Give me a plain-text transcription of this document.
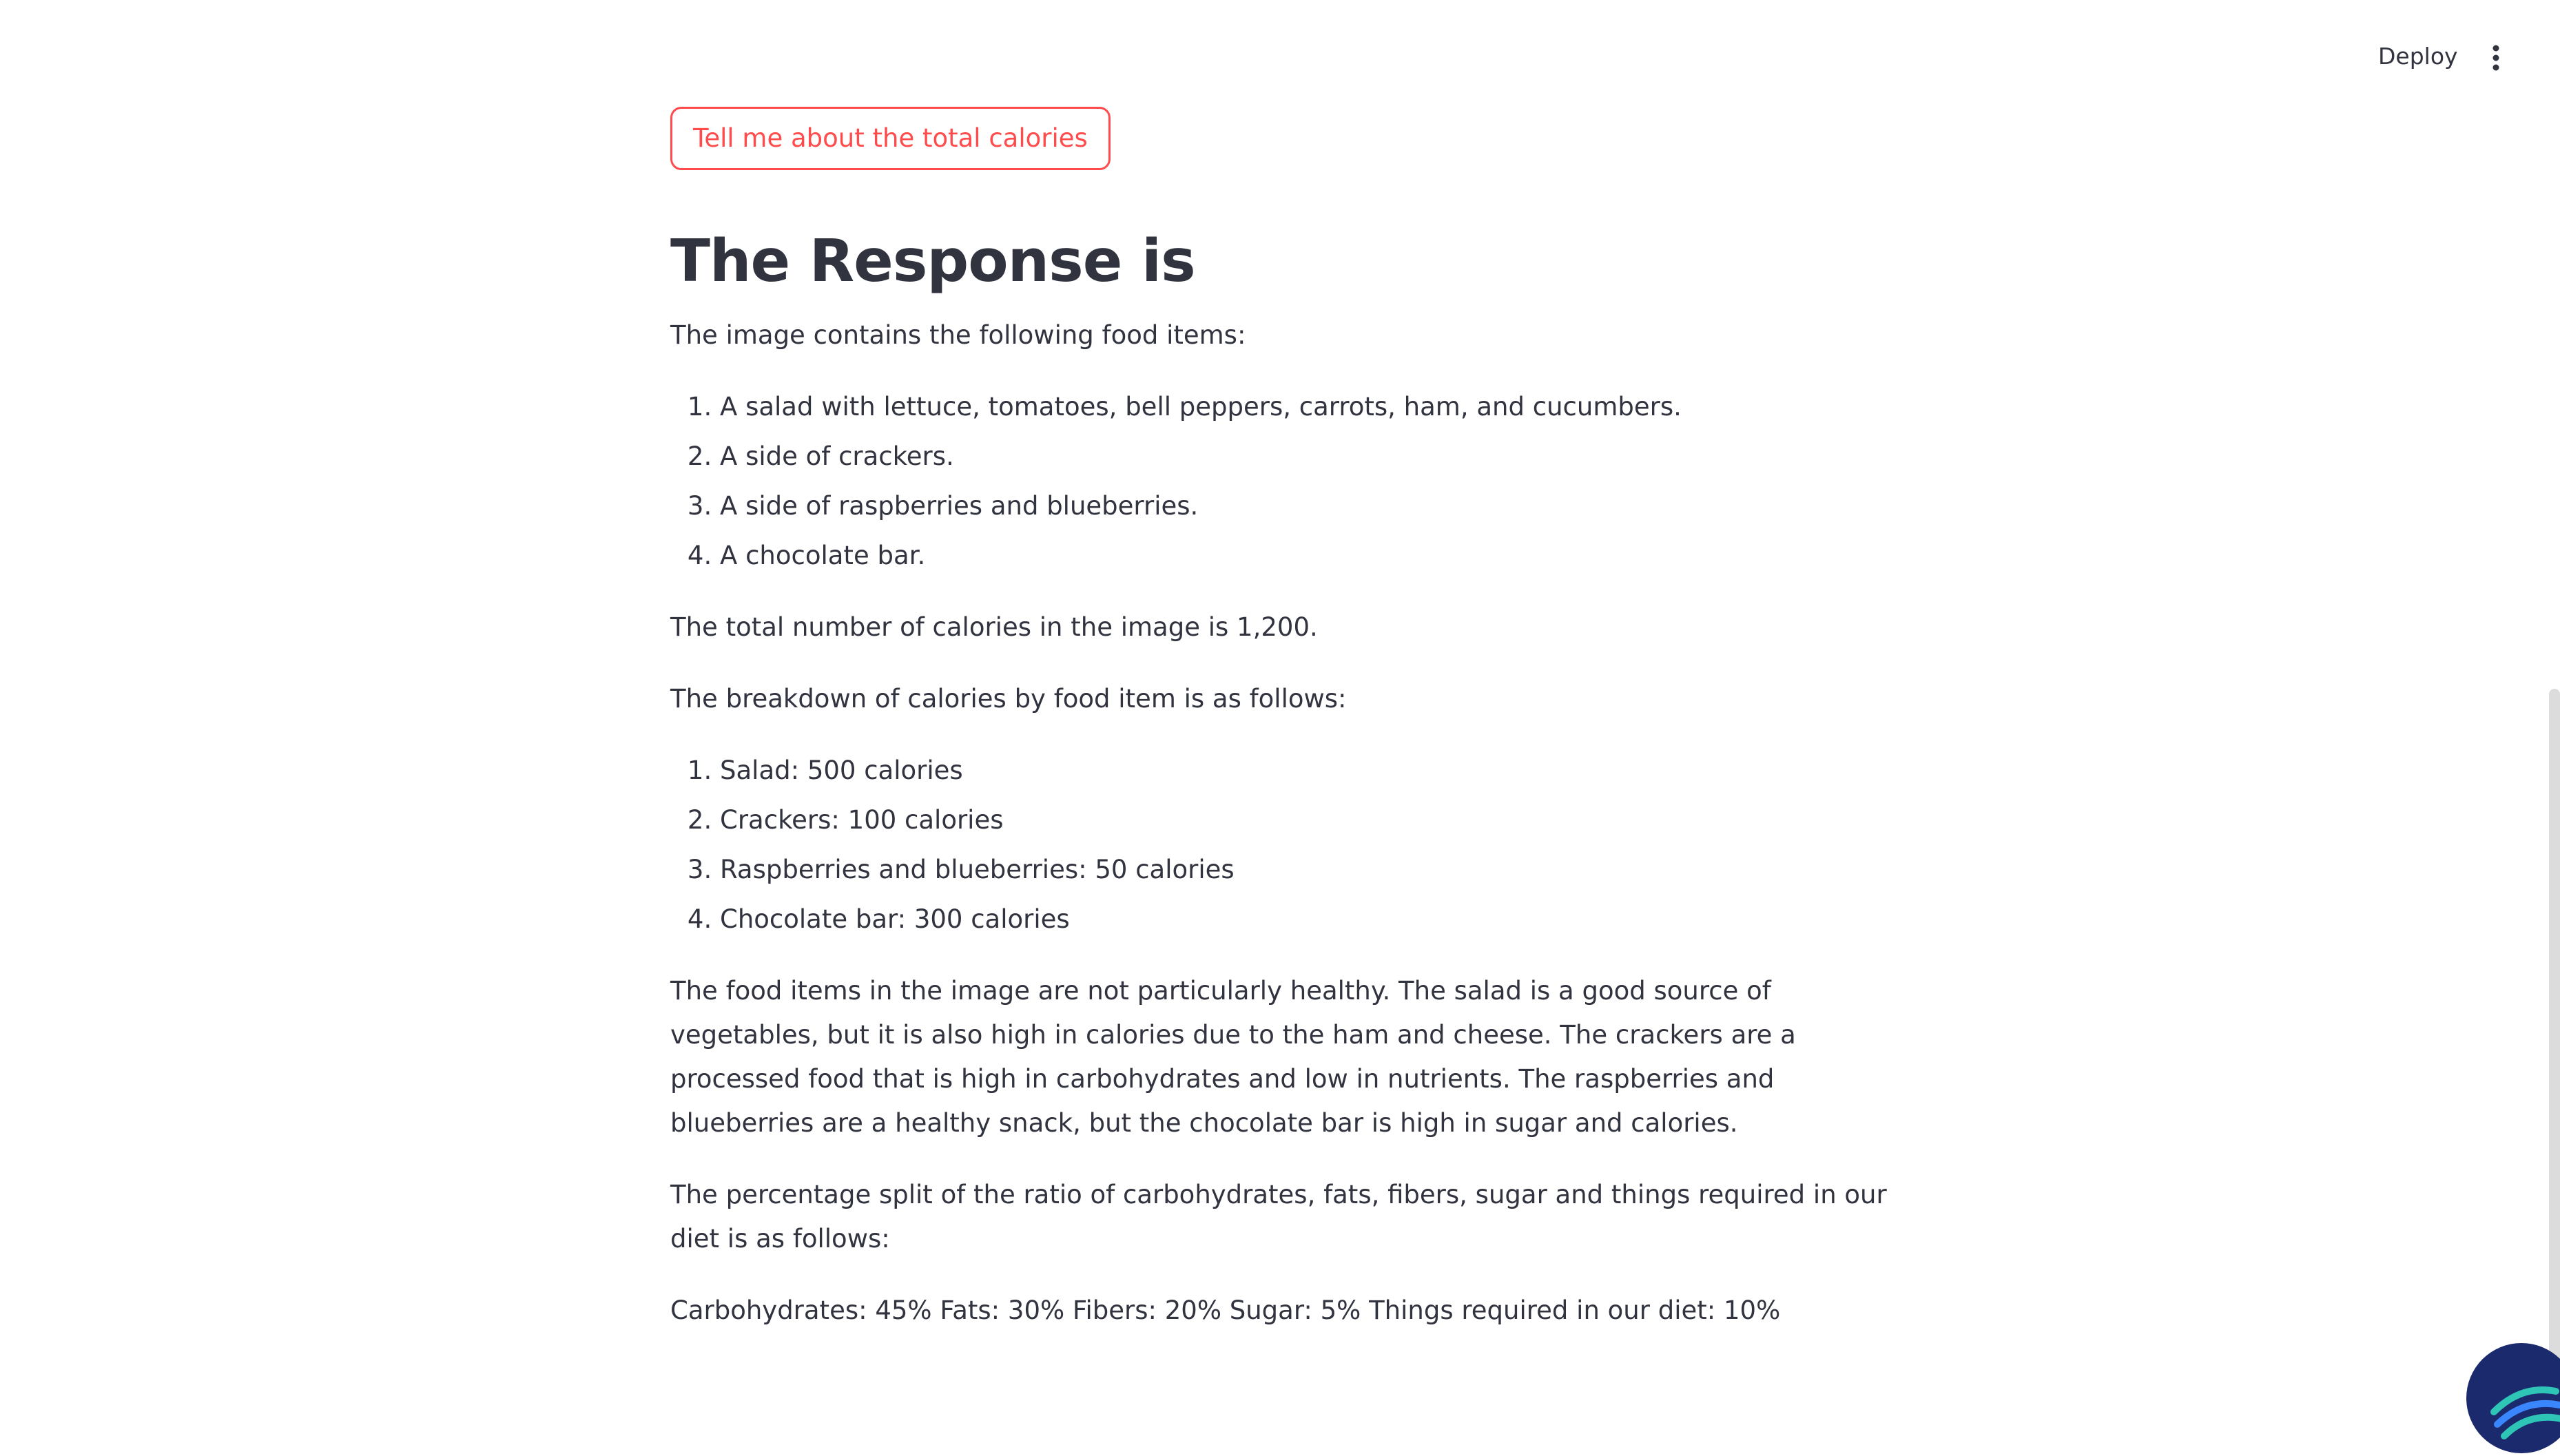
Deploy
Tell me about the total calories
The Response is

The image contains the following food items:

1. A salad with lettuce, tomatoes, bell peppers, carrots, ham, and cucumbers.
2. A side of crackers.
3. A side of raspberries and blueberries.
4. A chocolate bar.

The total number of calories in the image is 1,200.

The breakdown of calories by food item is as follows:

1. Salad: 500 calories
2. Crackers: 100 calories
3. Raspberries and blueberries: 50 calories
4. Chocolate bar: 300 calories

The food items in the image are not particularly healthy. The salad is a good source of vegetables, but it is also high in calories due to the ham and cheese. The crackers are a processed food that is high in carbohydrates and low in nutrients. The raspberries and blueberries are a healthy snack, but the chocolate bar is high in sugar and calories.

The percentage split of the ratio of carbohydrates, fats, fibers, sugar and things required in our diet is as follows:

Carbohydrates: 45% Fats: 30% Fibers: 20% Sugar: 5% Things required in our diet: 10%
